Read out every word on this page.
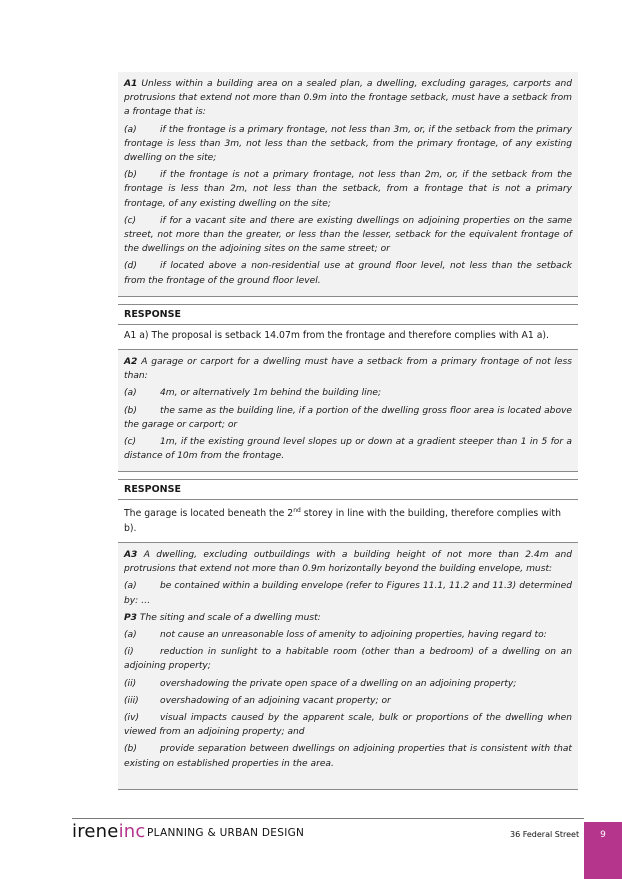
A1 Unless within a building area on a sealed plan, a dwelling, excluding garages, carports and protrusions that extend not more than 0.9m into the frontage setback, must have a setback from a frontage that is:

(a)	if the frontage is a primary frontage, not less than 3m, or, if the setback from the primary frontage is less than 3m, not less than the setback, from the primary frontage, of any existing dwelling on the site;

(b)	if the frontage is not a primary frontage, not less than 2m, or, if the setback from the frontage is less than 2m, not less than the setback, from a frontage that is not a primary frontage, of any existing dwelling on the site;

(c)	if for a vacant site and there are existing dwellings on adjoining properties on the same street, not more than the greater, or less than the lesser, setback for the equivalent frontage of the dwellings on the adjoining sites on the same street; or

(d)	if located above a non-residential use at ground floor level, not less than the setback from the frontage of the ground floor level.

RESPONSE
A1 a) The proposal is setback 14.07m from the frontage and therefore complies with A1 a).

A2 A garage or carport for a dwelling must have a setback from a primary frontage of not less than:

(a)	4m, or alternatively 1m behind the building line;

(b)	the same as the building line, if a portion of the dwelling gross floor area is located above the garage or carport; or

(c)	1m, if the existing ground level slopes up or down at a gradient steeper than 1 in 5 for a distance of 10m from the frontage.

RESPONSE
The garage is located beneath the 2nd storey in line with the building, therefore complies with b).

A3 A dwelling, excluding outbuildings with a building height of not more than 2.4m and protrusions that extend not more than 0.9m horizontally beyond the building envelope, must:

(a)	be contained within a building envelope (refer to Figures 11.1, 11.2 and 11.3) determined by: …

P3 The siting and scale of a dwelling must:

(a)	not cause an unreasonable loss of amenity to adjoining properties, having regard to:

(i)	reduction in sunlight to a habitable room (other than a bedroom) of a dwelling on an adjoining property;

(ii)	overshadowing the private open space of a dwelling on an adjoining property;

(iii) overshadowing of an adjoining vacant property; or

(iv) visual impacts caused by the apparent scale, bulk or proportions of the dwelling when viewed from an adjoining property; and

(b)	provide separation between dwellings on adjoining properties that is consistent with that existing on established properties in the area.

ireneinc PLANNING & URBAN DESIGN	36 Federal Street	9
